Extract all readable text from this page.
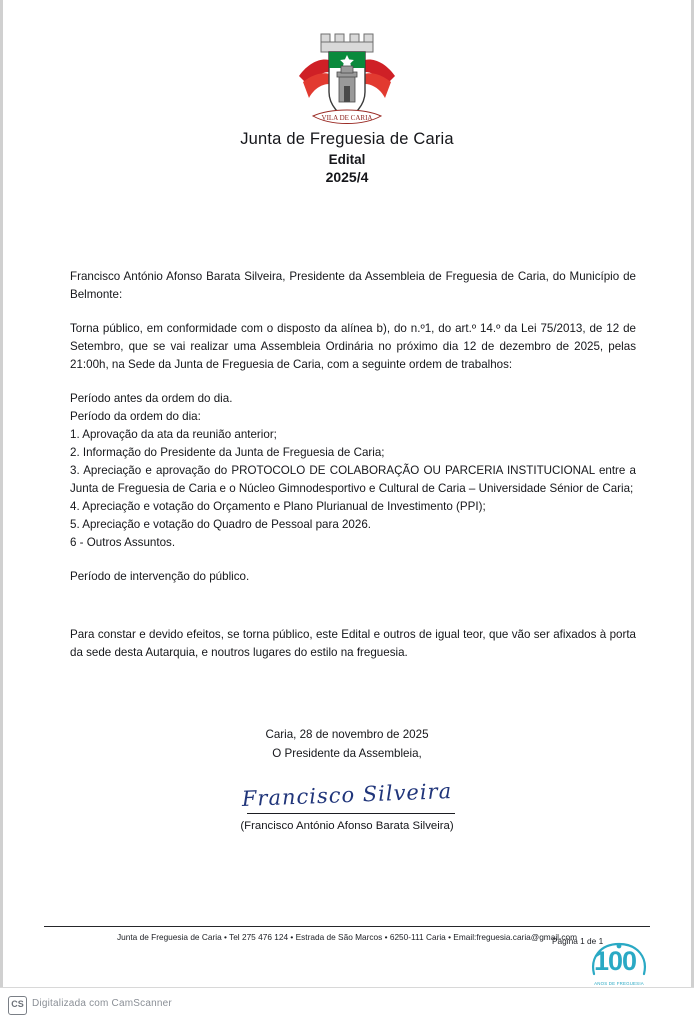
VILA DE CARIA
Junta de Freguesia de Caria
Edital
2025/4

Francisco António Afonso Barata Silveira, Presidente da Assembleia de Freguesia de Caria, do Município de Belmonte:

Torna público, em conformidade com o disposto da alínea b), do n.º1, do art.º 14.º da Lei 75/2013, de 12 de Setembro, que se vai realizar uma Assembleia Ordinária no próximo dia 12 de dezembro de 2025, pelas 21:00h, na Sede da Junta de Freguesia de Caria, com a seguinte ordem de trabalhos:

Período antes da ordem do dia.
Período da ordem do dia:
1. Aprovação da ata da reunião anterior;
2. Informação do Presidente da Junta de Freguesia de Caria;
3. Apreciação e aprovação do PROTOCOLO DE COLABORAÇÃO OU PARCERIA INSTITUCIONAL entre a Junta de Freguesia de Caria e o Núcleo Gimnodesportivo e Cultural de Caria – Universidade Sénior de Caria;
4. Apreciação e votação do Orçamento e Plano Plurianual de Investimento (PPI);
5. Apreciação e votação do Quadro de Pessoal para 2026.
6 - Outros Assuntos.

Período de intervenção do público.

Para constar e devido efeitos, se torna público, este Edital e outros de igual teor, que vão ser afixados à porta da sede desta Autarquia, e noutros lugares do estilo na freguesia.

Caria, 28 de novembro de 2025
O Presidente da Assembleia,
Francisco Silveira
(Francisco António Afonso Barata Silveira)
Junta de Freguesia de Caria • Tel 275 476 124 • Estrada de São Marcos • 6250-111 Caria • Email:freguesia.caria@gmail.com
Página 1 de 1
100
ANOS DE FREGUESIA
CS Digitalizada com CamScanner
